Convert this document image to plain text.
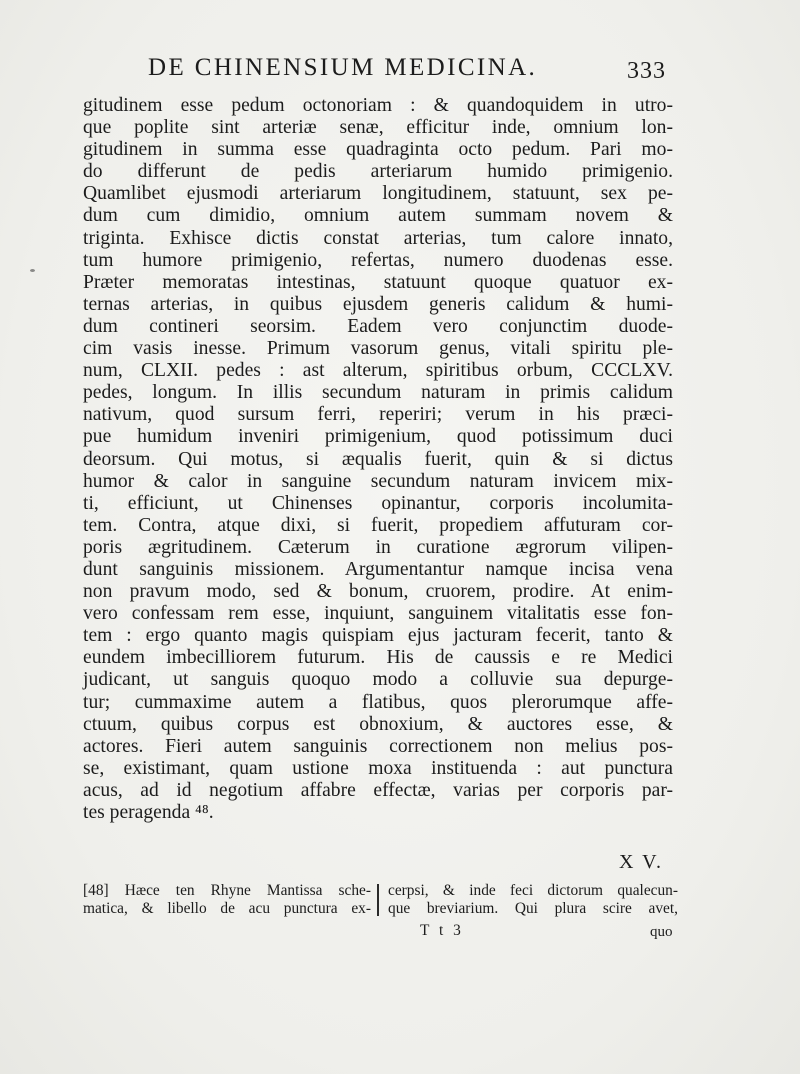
DE CHINENSIUM MEDICINA.	333
gitudinem esse pedum octonoriam : & quandoquidem in utro-
que poplite sint arteriæ senæ, efficitur inde, omnium lon-
gitudinem in summa esse quadraginta octo pedum. Pari mo-
do differunt de pedis arteriarum humido primigenio.
Quamlibet ejusmodi arteriarum longitudinem, statuunt, sex pe-
dum cum dimidio, omnium autem summam novem &
triginta. Exhisce dictis constat arterias, tum calore innato,
tum humore primigenio, refertas, numero duodenas esse.
Præter memoratas intestinas, statuunt quoque quatuor ex-
ternas arterias, in quibus ejusdem generis calidum & humi-
dum contineri seorsim. Eadem vero conjunctim duode-
cim vasis inesse. Primum vasorum genus, vitali spiritu ple-
num, CLXII. pedes : ast alterum, spiritibus orbum, CCCLXV.
pedes, longum. In illis secundum naturam in primis calidum
nativum, quod sursum ferri, reperiri; verum in his præci-
pue humidum inveniri primigenium, quod potissimum duci
deorsum. Qui motus, si æqualis fuerit, quin & si dictus
humor & calor in sanguine secundum naturam invicem mix-
ti, efficiunt, ut Chinenses opinantur, corporis incolumita-
tem. Contra, atque dixi, si fuerit, propediem affuturam cor-
poris ægritudinem. Cæterum in curatione ægrorum vilipen-
dunt sanguinis missionem. Argumentantur namque incisa vena
non pravum modo, sed & bonum, cruorem, prodire. At enim-
vero confessam rem esse, inquiunt, sanguinem vitalitatis esse fon-
tem : ergo quanto magis quispiam ejus jacturam fecerit, tanto &
eundem imbecilliorem futurum. His de caussis e re Medici
judicant, ut sanguis quoquo modo a colluvie sua depurge-
tur; cummaxime autem a flatibus, quos plerorumque affe-
ctuum, quibus corpus est obnoxium, & auctores esse, &
actores. Fieri autem sanguinis correctionem non melius pos-
se, existimant, quam ustione moxa instituenda : aut punctura
acus, ad id negotium affabre effectæ, varias per corporis par-
tes peragenda ⁴⁸.
X V.
[48] Hæce ten Rhyne Mantissa sche-
matica, & libello de acu punctura ex-
cerpsi, & inde feci dictorum qualecun-
que breviarium. Qui plura scire avet,
T t 3	quo
